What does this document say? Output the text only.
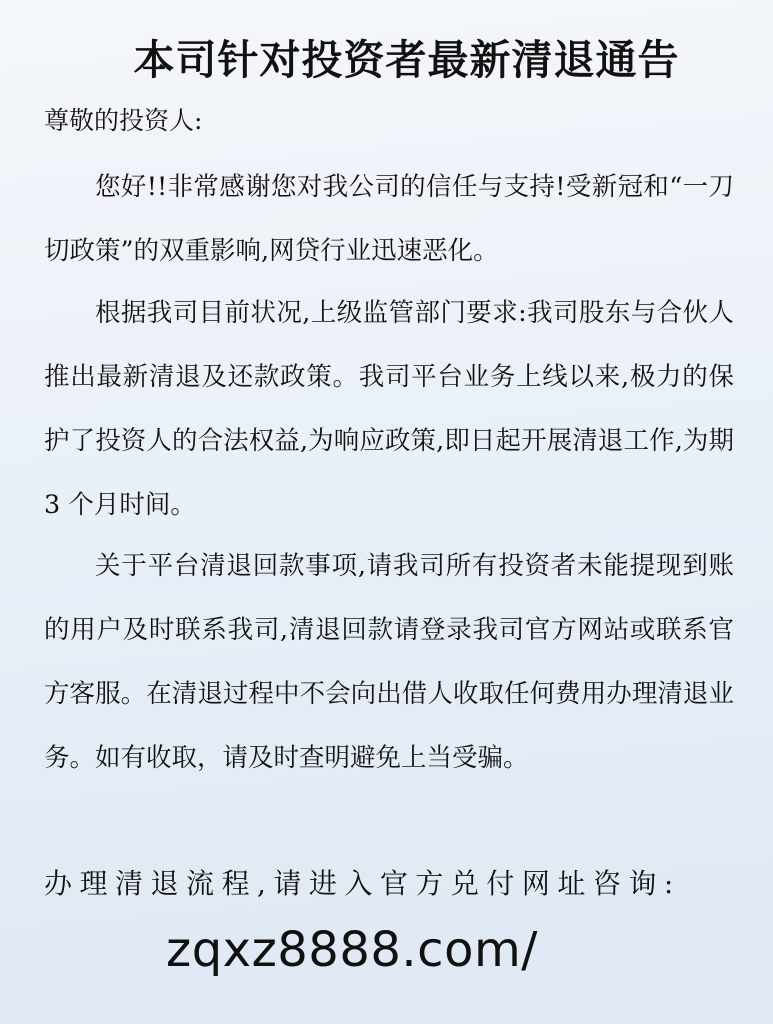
本司针对投资者最新清退通告
尊敬的投资人:

您好!!非常感谢您对我公司的信任与支持!受新冠和“一刀切政策”的双重影响,网贷行业迅速恶化。

根据我司目前状况,上级监管部门要求:我司股东与合伙人推出最新清退及还款政策。我司平台业务上线以来,极力的保护了投资人的合法权益,为响应政策,即日起开展清退工作,为期 3 个月时间。

关于平台清退回款事项,请我司所有投资者未能提现到账的用户及时联系我司,清退回款请登录我司官方网站或联系官方客服。在清退过程中不会向出借人收取任何费用办理清退业务。如有收取，请及时查明避免上当受骗。

办理清退流程,请进入官方兑付网址咨询:
zqxz8888.com/
